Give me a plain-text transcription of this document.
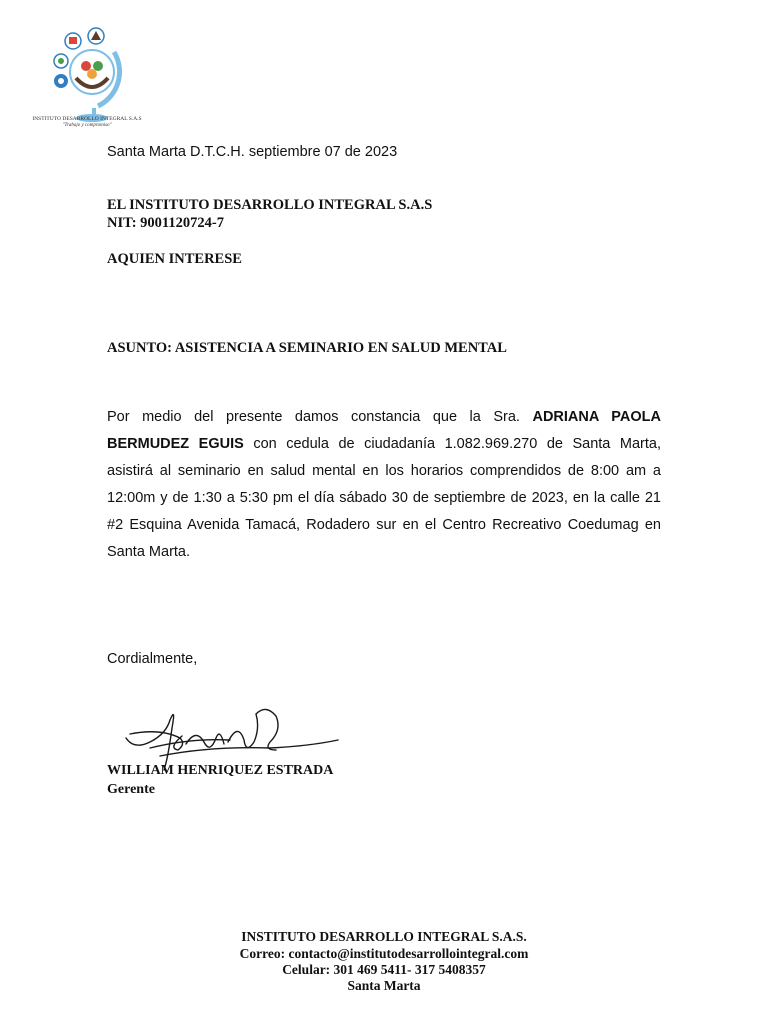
INSTITUTO DESARROLLO INTEGRAL S.A.S
"Trabajo y compromiso"
Santa Marta D.T.C.H. septiembre 07 de 2023
EL INSTITUTO DESARROLLO INTEGRAL S.A.S
NIT: 9001120724-7
AQUIEN INTERESE
ASUNTO: ASISTENCIA A SEMINARIO EN SALUD MENTAL
Por medio del presente damos constancia que la Sra. ADRIANA PAOLA BERMUDEZ EGUIS con cedula de ciudadanía 1.082.969.270 de Santa Marta, asistirá al seminario en salud mental en los horarios comprendidos de 8:00 am a 12:00m y de 1:30 a 5:30 pm el día sábado 30 de septiembre de 2023, en la calle 21 #2 Esquina Avenida Tamacá, Rodadero sur en el Centro Recreativo Coedumag en Santa Marta.
Cordialmente,
WILLIAM HENRIQUEZ ESTRADA
Gerente
INSTITUTO DESARROLLO INTEGRAL S.A.S.
Correo: contacto@institutodesarrollointegral.com
Celular: 301 469 5411- 317 5408357
Santa Marta
